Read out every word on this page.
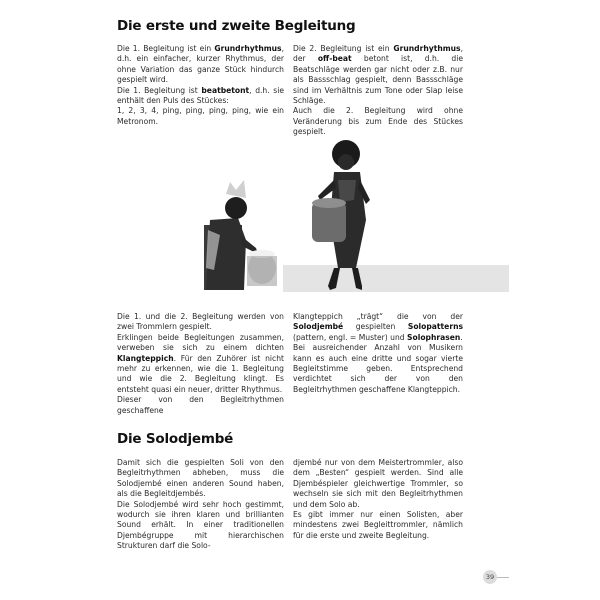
Die erste und zweite Begleitung

Die 1. Begleitung ist ein Grundrhythmus, d.h. ein einfacher, kurzer Rhythmus, der ohne Variation das ganze Stück hindurch gespielt wird.

Die 1. Begleitung ist beatbetont, d.h. sie enthält den Puls des Stückes:

1, 2, 3, 4, ping, ping, ping, ping, wie ein Metronom.

Die 2. Begleitung ist ein Grundrhythmus, der off-beat betont ist, d.h. die Beatschläge werden gar nicht oder z.B. nur als Bassschlag gespielt, denn Bassschläge sind im Verhältnis zum Tone oder Slap leise Schläge.

Auch die 2. Begleitung wird ohne Veränderung bis zum Ende des Stückes gespielt.

Die 1. und die 2. Begleitung werden von zwei Trommlern gespielt.

Erklingen beide Begleitungen zusammen, verweben sie sich zu einem dichten Klangteppich. Für den Zuhörer ist nicht mehr zu erkennen, wie die 1. Begleitung und wie die 2. Begleitung klingt. Es entsteht quasi ein neuer, dritter Rhythmus.

Dieser von den Begleitrhythmen geschaffene

Klangteppich „trägt“ die von der Solodjembé gespielten Solopatterns (pattern, engl. = Muster) und Solophrasen.

Bei ausreichender Anzahl von Musikern kann es auch eine dritte und sogar vierte Begleitstimme geben. Entsprechend verdichtet sich der von den Begleitrhythmen geschaffene Klangteppich.

Die Solodjembé

Damit sich die gespielten Soli von den Begleitrhythmen abheben, muss die Solodjembé einen anderen Sound haben, als die Begleitdjembés.

Die Solodjembé wird sehr hoch gestimmt, wodurch sie ihren klaren und brillianten Sound erhält. In einer traditionellen Djembégruppe mit hierarchischen Strukturen darf die Solo-

djembé nur von dem Meistertrommler, also dem „Besten“ gespielt werden. Sind alle Djembéspieler gleichwertige Trommler, so wechseln sie sich mit den Begleitrhythmen und dem Solo ab.

Es gibt immer nur einen Solisten, aber mindestens zwei Begleittrommler, nämlich für die erste und zweite Begleitung.

39
